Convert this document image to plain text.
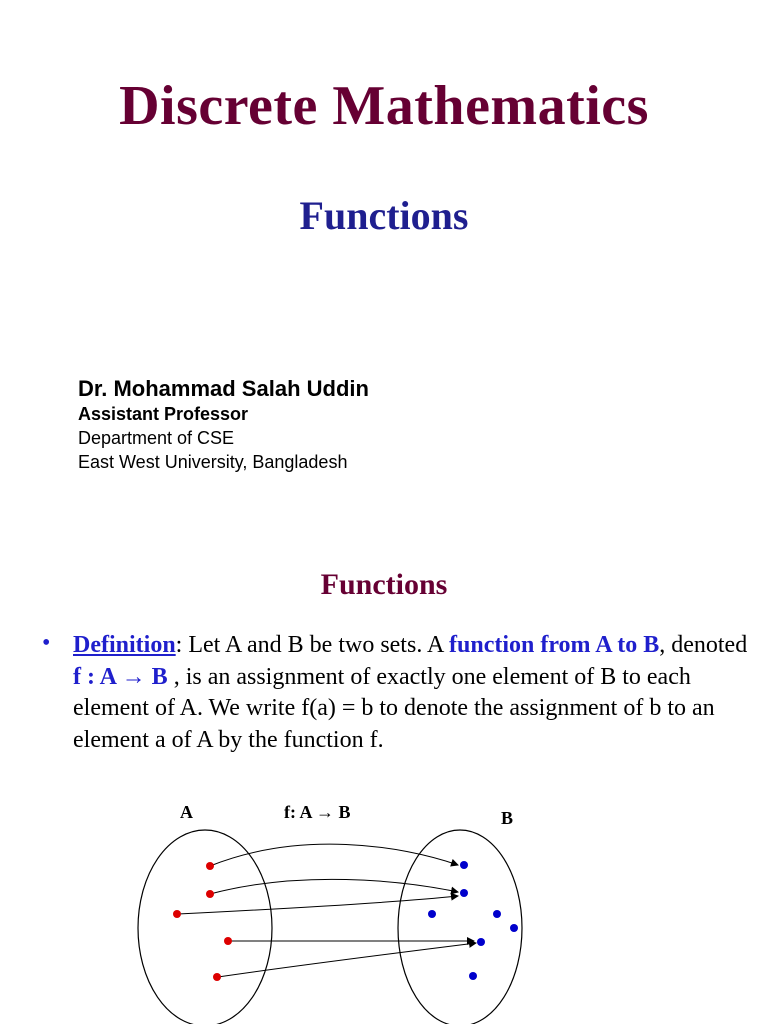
Discrete Mathematics
Functions
Dr. Mohammad Salah Uddin
Assistant Professor
Department of CSE
East West University, Bangladesh
Functions
• Definition: Let A and B be two sets. A function from A to B, denoted f : A → B , is an assignment of exactly one element of B to each element of A. We write f(a) = b to denote the assignment of b to an element a of A by the function f.
A	f: A → B	B
